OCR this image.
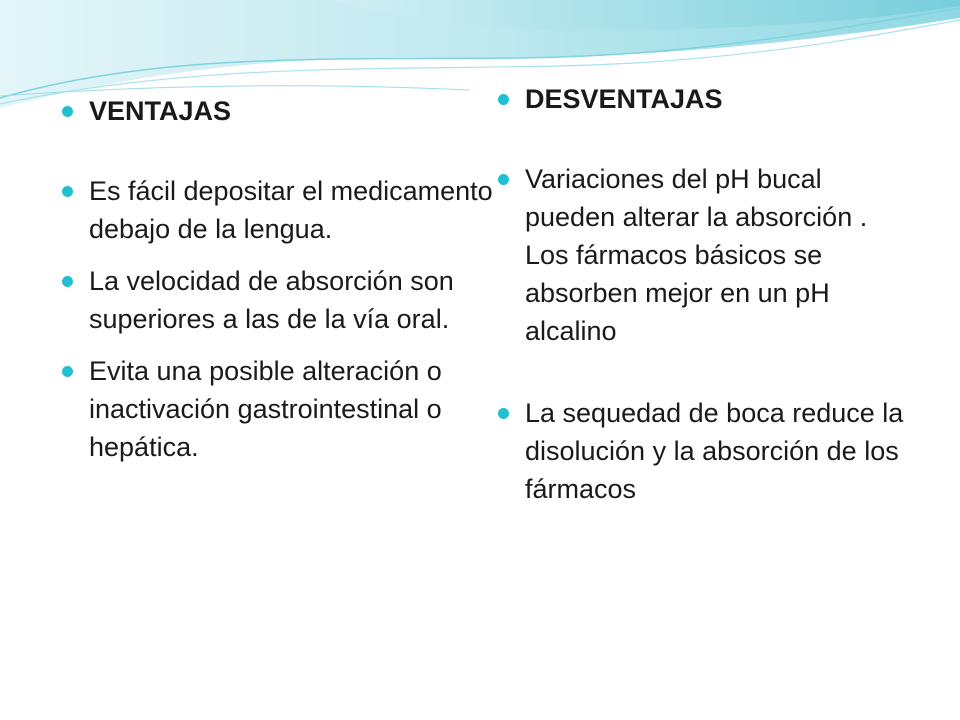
VENTAJAS
Es fácil depositar el medicamento debajo de la lengua.
La velocidad de absorción son superiores a las de la vía oral.
Evita una posible alteración o inactivación gastrointestinal o hepática.
DESVENTAJAS
Variaciones del pH bucal pueden alterar la absorción . Los fármacos básicos se absorben mejor en un pH alcalino
La sequedad de boca reduce la disolución y la absorción de los fármacos
